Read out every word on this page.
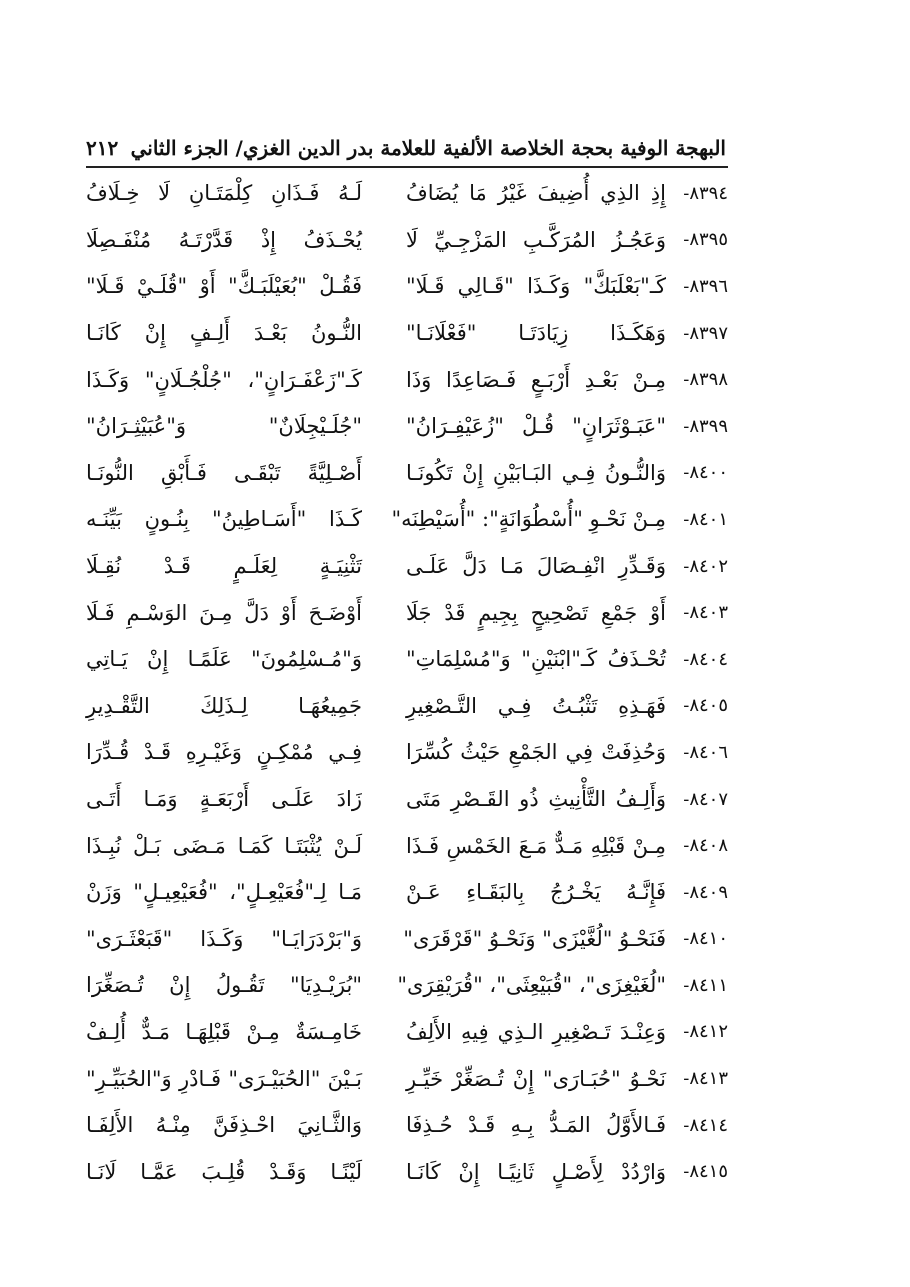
البهجة الوفية بحجة الخلاصة الألفية للعلامة بدر الدين الغزي/ الجزء الثاني
٢١٢
٨٣٩٤-
إِذِ الذِي أُضِيفَ غَيْرُ مَا يُضَافُ
لَـهُ فَـذَانِ كِلْمَتَـانِ لَا خِـلَافُ
٨٣٩٥-
وَعَجُـزُ المُرَكَّـبِ المَزْجِـيِّ لَا
يُحْـذَفُ إِذْ قَدَّرْتَـهُ مُنْفَـصِلَا
٨٣٩٦-
كَـ"بَعْلَبَكَّ" وَكَـذَا "قَـالِي قَـلَا"
فَقُـلْ "بُعَيْلَبَـكَّ" أَوْ "قُلَـيْ قَـلَا"
٨٣٩٧-
وَهَكَـذَا زِيَادَتَـا "فَعْلَانَـا"
النُّـونُ بَعْـدَ أَلِـفٍ إِنْ كَانَـا
٨٣٩٨-
مِـنْ بَعْـدِ أَرْبَـعٍ فَـصَاعِدًا وَذَا
كَـ"زَعْفَـرَانٍ"، "جُلْجُـلَانٍ" وَكَـذَا
٨٣٩٩-
"عَبَـوْثَرَانٍ" قُـلْ "زُعَيْفِـرَانُ"
"جُلَـيْجِلَانٌ" وَ"عُبَيْثِـرَانُ"
٨٤٠٠-
وَالنُّـونُ فِـي البَـابَيْنِ إِنْ تَكُونَـا
أَصْـلِيَّةً تَبْقَـى فَـأَبْقِ النُّونَـا
٨٤٠١-
مِـنْ نَحْـوِ "أُسْطُوَانَةٍ": "أُسَيْطِنَه"
كَـذَا "أَسَـاطِينُ" بِنُـونٍ بَيِّنَـه
٨٤٠٢-
وَقَـدِّرِ انْفِـصَالَ مَـا دَلَّ عَلَـى
تَثْنِيَـةٍ لِعَلَـمٍ قَـدْ نُقِـلَا
٨٤٠٣-
أَوْ جَمْعِ تَصْحِيحٍ بِجِيمٍ قَدْ جَلَا
أَوْضَـحَ أَوْ دَلَّ مِـنَ الوَسْـمِ فَـلَا
٨٤٠٤-
تُحْـذَفُ كَـ"ابْنَيْنِ" وَ"مُسْلِمَاتِ"
وَ"مُـسْلِمُونَ" عَلَمًـا إِنْ يَـاتِي
٨٤٠٥-
فَهَـذِهِ تَثْبُـتُ فِـي التَّـصْغِيرِ
جَمِيعُهَـا لِـذَلِكَ التَّقْـدِيرِ
٨٤٠٦-
وَحُذِفَتْ فِي الجَمْعِ حَيْثُ كُسِّرَا
فِـي مُمْكِـنٍ وَغَيْـرِهِ قَـدْ قُـدِّرَا
٨٤٠٧-
وَأَلِـفُ التَّأْنِيثِ ذُو القَـصْرِ مَتَى
زَادَ عَلَـى أَرْبَعَـةٍ وَمَـا أَتَـى
٨٤٠٨-
مِـنْ قَبْلِهِ مَـدٌّ مَـعَ الخَمْسِ فَـذَا
لَـنْ يُثْبَتَـا كَمَـا مَـضَى بَـلْ نُبِـذَا
٨٤٠٩-
فَإِنَّـهُ يَخْـرُجُ بِالبَقَـاءِ عَـنْ
مَـا لِـ"فُعَيْعِـلٍ"، "فُعَيْعِيـلٍ" وَزَنْ
٨٤١٠-
فَنَحْـوُ "لُغَّيْزَى" وَنَحْـوُ "قَرْقَرَى"
وَ"بَرْدَرَايَـا" وَكَـذَا "قَبَعْثَـرَى"
٨٤١١-
"لُغَيْغِزَى"، "قُبَيْعِثَى"، "قُرَيْقِرَى"
"بُرَيْـدِيَا" تَقُـولُ إِنْ تُـصَغِّرَا
٨٤١٢-
وَعِنْـدَ تَـصْغِيرِ الـذِي فِيهِ الأَلِفُ
خَامِـسَةٌ مِـنْ قَبْلِهَـا مَـدٌّ أُلِـفْ
٨٤١٣-
نَحْـوُ "حُبَـارَى" إِنْ تُـصَغِّرْ خَيِّـرِ
بَـيْنَ "الحُبَيْـرَى" فَـادْرِ وَ"الحُبَيِّـرِ"
٨٤١٤-
فَـالأَوَّلُ المَـدُّ بِـهِ قَـدْ حُـذِفَا
وَالثَّـانِيَ احْـذِفَنَّ مِنْـهُ الأَلِفَـا
٨٤١٥-
وَارْدُدْ لِأَصْـلٍ ثَانِيًـا إِنْ كَانَـا
لَيْنًـا وَقَـدْ قُلِـبَ عَمَّـا لَانَـا
